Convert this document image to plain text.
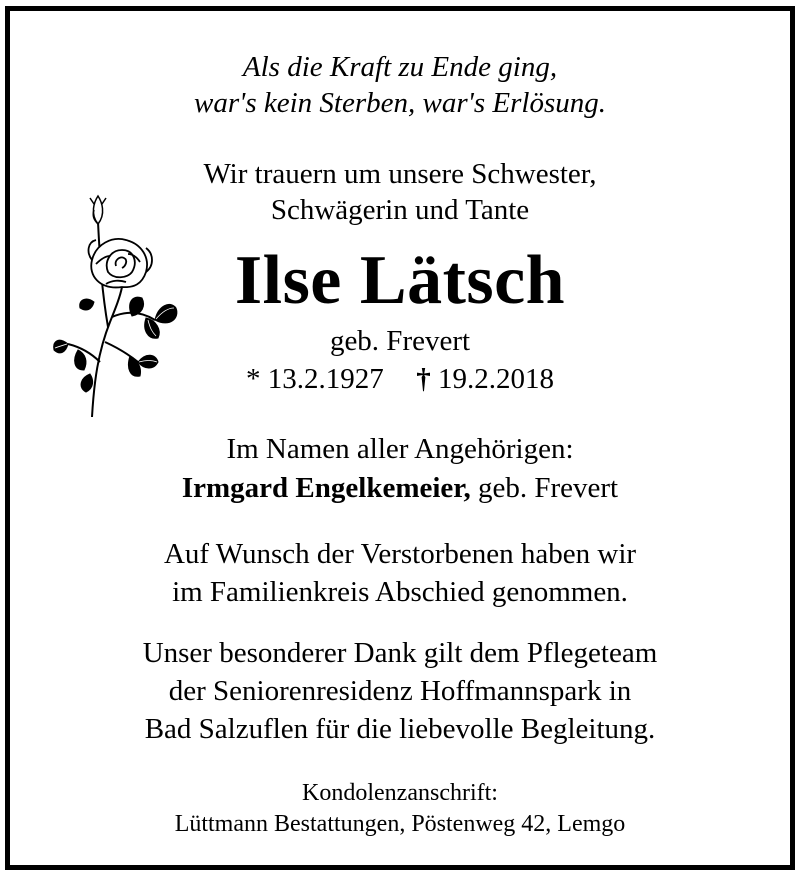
Als die Kraft zu Ende ging,
war's kein Sterben, war's Erlösung.
Wir trauern um unsere Schwester,
Schwägerin und Tante
Ilse Lätsch
geb. Frevert
* 13.2.1927 † 19.2.2018
Im Namen aller Angehörigen:
Irmgard Engelkemeier, geb. Frevert
Auf Wunsch der Verstorbenen haben wir
im Familienkreis Abschied genommen.
Unser besonderer Dank gilt dem Pflegeteam
der Seniorenresidenz Hoffmannspark in
Bad Salzuflen für die liebevolle Begleitung.
Kondolenzanschrift:
Lüttmann Bestattungen, Pöstenweg 42, Lemgo
